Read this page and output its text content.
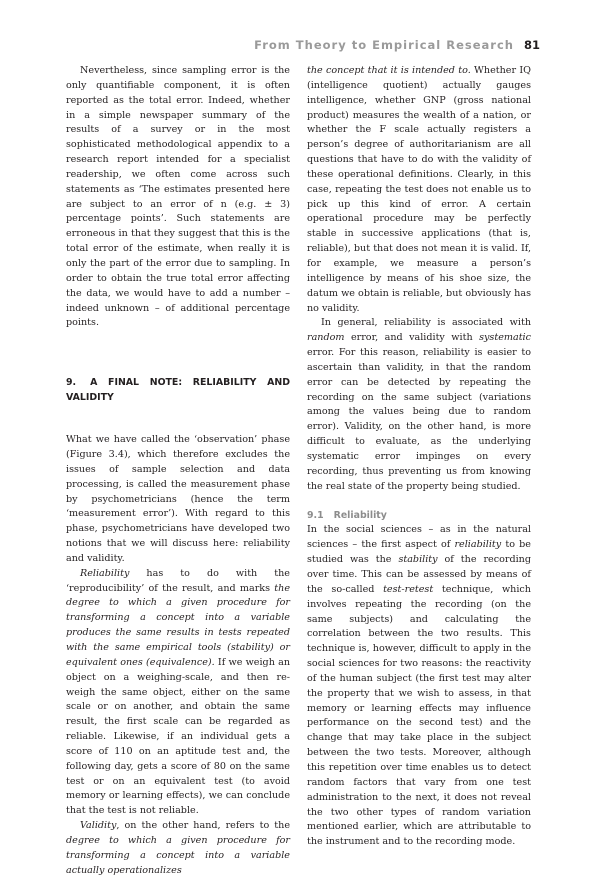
From Theory to Empirical Research 81

Nevertheless, since sampling error is the only quantifiable component, it is often reported as the total error. Indeed, whether in a simple newspaper summary of the results of a survey or in the most sophisticated methodological appendix to a research report intended for a specialist readership, we often come across such statements as ‘The estimates presented here are subject to an error of n (e.g. ± 3) percentage points’. Such statements are erroneous in that they suggest that this is the total error of the estimate, when really it is only the part of the error due to sampling. In order to obtain the true total error affecting the data, we would have to add a number – indeed unknown – of additional percentage points.

9. A FINAL NOTE: RELIABILITY AND VALIDITY

What we have called the ‘observation’ phase (Figure 3.4), which therefore excludes the issues of sample selection and data processing, is called the measurement phase by psychometricians (hence the term ‘measurement error’). With regard to this phase, psychometricians have developed two notions that we will discuss here: reliability and validity.

Reliability has to do with the ‘reproducibility’ of the result, and marks the degree to which a given procedure for transforming a concept into a variable produces the same results in tests repeated with the same empirical tools (stability) or equivalent ones (equivalence). If we weigh an object on a weighing-scale, and then re-weigh the same object, either on the same scale or on another, and obtain the same result, the first scale can be regarded as reliable. Likewise, if an individual gets a score of 110 on an aptitude test and, the following day, gets a score of 80 on the same test or on an equivalent test (to avoid memory or learning effects), we can conclude that the test is not reliable.

Validity, on the other hand, refers to the degree to which a given procedure for transforming a concept into a variable actually operationalizes

the concept that it is intended to. Whether IQ (intelligence quotient) actually gauges intelligence, whether GNP (gross national product) measures the wealth of a nation, or whether the F scale actually registers a person’s degree of authoritarianism are all questions that have to do with the validity of these operational definitions. Clearly, in this case, repeating the test does not enable us to pick up this kind of error. A certain operational procedure may be perfectly stable in successive applications (that is, reliable), but that does not mean it is valid. If, for example, we measure a person’s intelligence by means of his shoe size, the datum we obtain is reliable, but obviously has no validity.

In general, reliability is associated with random error, and validity with systematic error. For this reason, reliability is easier to ascertain than validity, in that the random error can be detected by repeating the recording on the same subject (variations among the values being due to random error). Validity, on the other hand, is more difficult to evaluate, as the underlying systematic error impinges on every recording, thus preventing us from knowing the real state of the property being studied.

9.1 Reliability

In the social sciences – as in the natural sciences – the first aspect of reliability to be studied was the stability of the recording over time. This can be assessed by means of the so-called test-retest technique, which involves repeating the recording (on the same subjects) and calculating the correlation between the two results. This technique is, however, difficult to apply in the social sciences for two reasons: the reactivity of the human subject (the first test may alter the property that we wish to assess, in that memory or learning effects may influence performance on the second test) and the change that may take place in the subject between the two tests. Moreover, although this repetition over time enables us to detect random factors that vary from one test administration to the next, it does not reveal the two other types of random variation mentioned earlier, which are attributable to the instrument and to the recording mode.
